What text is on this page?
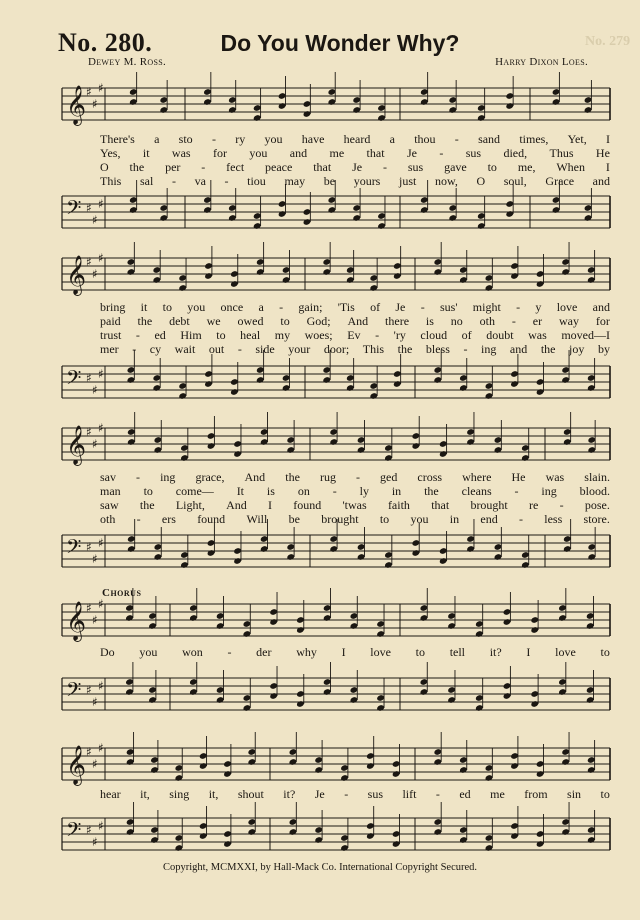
No. 279
No. 280.	Do You Wonder Why?
Dewey M. Ross.	Harry Dixon Loes.
𝄞 ♯
♯
♯
There's a sto - ry you have heard a thou - sand times, Yet, I
Yes, it was for you and me that Je - sus died, Thus He
O the per - fect peace that Je - sus gave to me, When I
This sal - va - tiou may be yours just now, O soul, Grace and
𝄢 ♯
♯
♯
𝄞 ♯
♯
♯
bring it to you once a - gain; 'Tis of Je - sus' might - y love and
paid the debt we owed to God; And there is no oth - er way for
trust - ed Him to heal my woes; Ev - 'ry cloud of doubt was moved—I
mer - cy wait out - side your door; This the bless - ing and the joy by
𝄢 ♯
♯
♯
𝄞 ♯
♯
♯
sav - ing grace, And the rug - ged cross where He was slain.
man to come— It is on - ly in the cleans - ing blood.
saw the Light, And I found 'twas faith that brought re - pose.
oth - ers found Will be brought to you in end - less store.
𝄢 ♯
♯
♯
Chorus
𝄞 ♯
♯
♯
Do you won - der why I love to tell it? I love to
𝄢 ♯
♯
♯
𝄞 ♯
♯
♯
hear it, sing it, shout it? Je - sus lift - ed me from sin to
𝄢 ♯
♯
♯
Copyright, MCMXXI, by Hall-Mack Co. International Copyright Secured.
